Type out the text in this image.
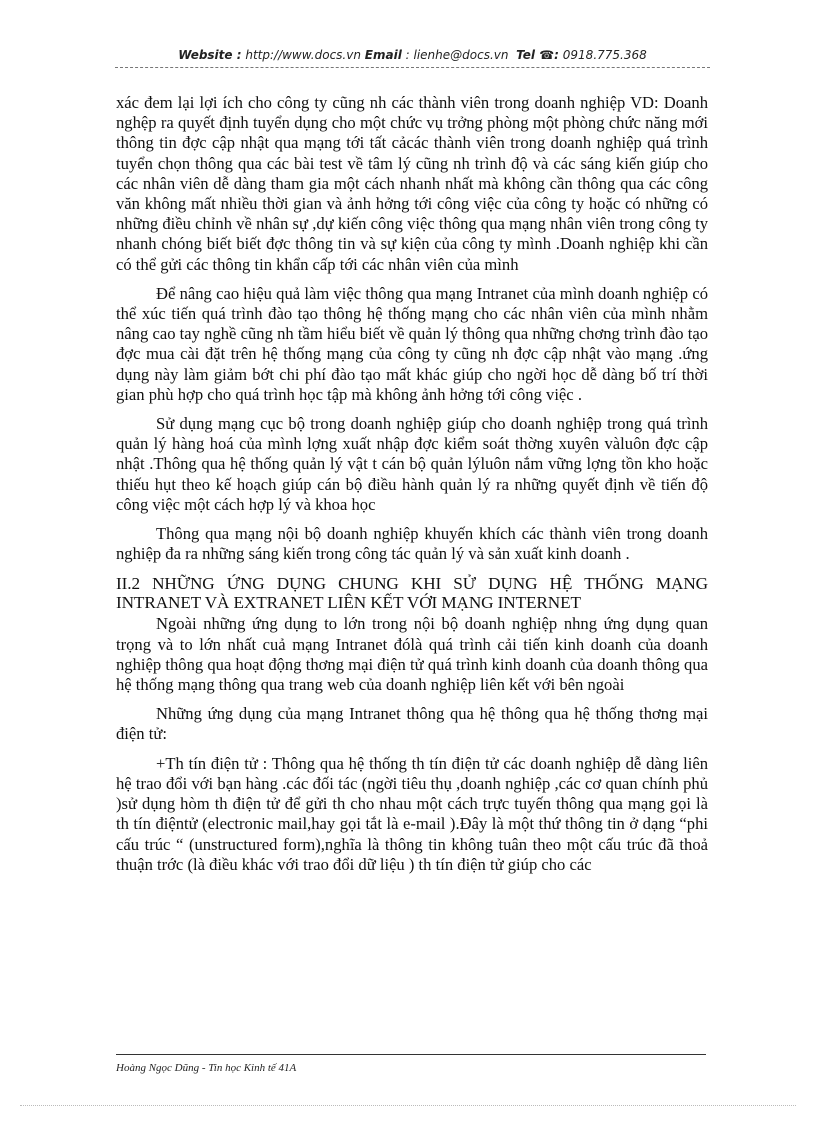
Website : http://www.docs.vn Email : lienhe@docs.vn Tel ☎: 0918.775.368

xác đem lại lợi ích cho công ty cũng nh các thành viên trong doanh nghiệp VD: Doanh nghệp ra quyết định tuyển dụng cho một chức vụ trởng phòng một phòng chức năng mới thông tin đợc cập nhật qua mạng tới tất cảcác thành viên trong doanh nghiệp quá trình tuyển chọn thông qua các bài test về tâm lý cũng nh trình độ và các sáng kiến giúp cho các nhân viên dễ dàng tham gia một cách nhanh nhất mà không cần thông qua các công văn không mất nhiều thời gian và ảnh hởng tới công việc của công ty hoặc có những có những điều chỉnh về nhân sự ,dự kiến công việc thông qua mạng nhân viên trong công ty nhanh chóng biết biết đợc thông tin và sự kiện của công ty mình .Doanh nghiệp khi cần có thể gửi các thông tin khẩn cấp tới các nhân viên của mình

Để nâng cao hiệu quả làm việc thông qua mạng Intranet của mình doanh nghiệp có thể xúc tiến quá trình đào tạo thông hệ thống mạng cho các nhân viên của mình nhằm nâng cao tay nghề cũng nh tầm hiểu biết về quản lý thông qua những chơng trình đào tạo đợc mua cài đặt trên hệ thống mạng của công ty cũng nh đợc cập nhật vào mạng .ứng dụng này làm giảm bớt chi phí đào tạo mất khác giúp cho ngời học dễ dàng bố trí thời gian phù hợp cho quá trình học tập mà không ảnh hởng tới công việc .

Sử dụng mạng cục bộ trong doanh nghiệp giúp cho doanh nghiệp trong quá trình quản lý hàng hoá của mình lợng xuất nhập đợc kiểm soát thờng xuyên vàluôn đợc cập nhật .Thông qua hệ thống quản lý vật t cán bộ quản lýluôn nắm vững lợng tồn kho hoặc thiếu hụt theo kế hoạch giúp cán bộ điều hành quản lý ra những quyết định về tiến độ công việc một cách hợp lý và khoa học

Thông qua mạng nội bộ doanh nghiệp khuyến khích các thành viên trong doanh nghiệp đa ra những sáng kiến trong công tác quản lý và sản xuất kinh doanh .

II.2 NHỮNG ỨNG DỤNG CHUNG KHI SỬ DỤNG HỆ THỐNG MẠNG INTRANET VÀ EXTRANET LIÊN KẾT VỚI MẠNG INTERNET

Ngoài những ứng dụng to lớn trong nội bộ doanh nghiệp nhng ứng dụng quan trọng và to lớn nhất cuả mạng Intranet đólà quá trình cải tiến kinh doanh của doanh nghiệp thông qua hoạt động thơng mại điện tử quá trình kinh doanh của doanh thông qua hệ thống mạng thông qua trang web của doanh nghiệp liên kết với bên ngoài

Những ứng dụng của mạng Intranet thông qua hệ thông qua hệ thống thơng mại điện tử:

+Th tín điện tử : Thông qua hệ thống th tín điện tử các doanh nghiệp dễ dàng liên hệ trao đổi với bạn hàng .các đối tác (ngời tiêu thụ ,doanh nghiệp ,các cơ quan chính phủ )sử dụng hòm th điện tử để gửi th cho nhau một cách trực tuyến thông qua mạng gọi là th tín điệntử (electronic mail,hay gọi tắt là e-mail ).Đây là một thứ thông tin ở dạng “phi cấu trúc “ (unstructured form),nghĩa là thông tin không tuân theo một cấu trúc đã thoả thuận trớc (là điều khác với trao đổi dữ liệu ) th tín điện tử giúp cho các

Hoàng Ngọc Dũng - Tin học Kinh tế 41A
